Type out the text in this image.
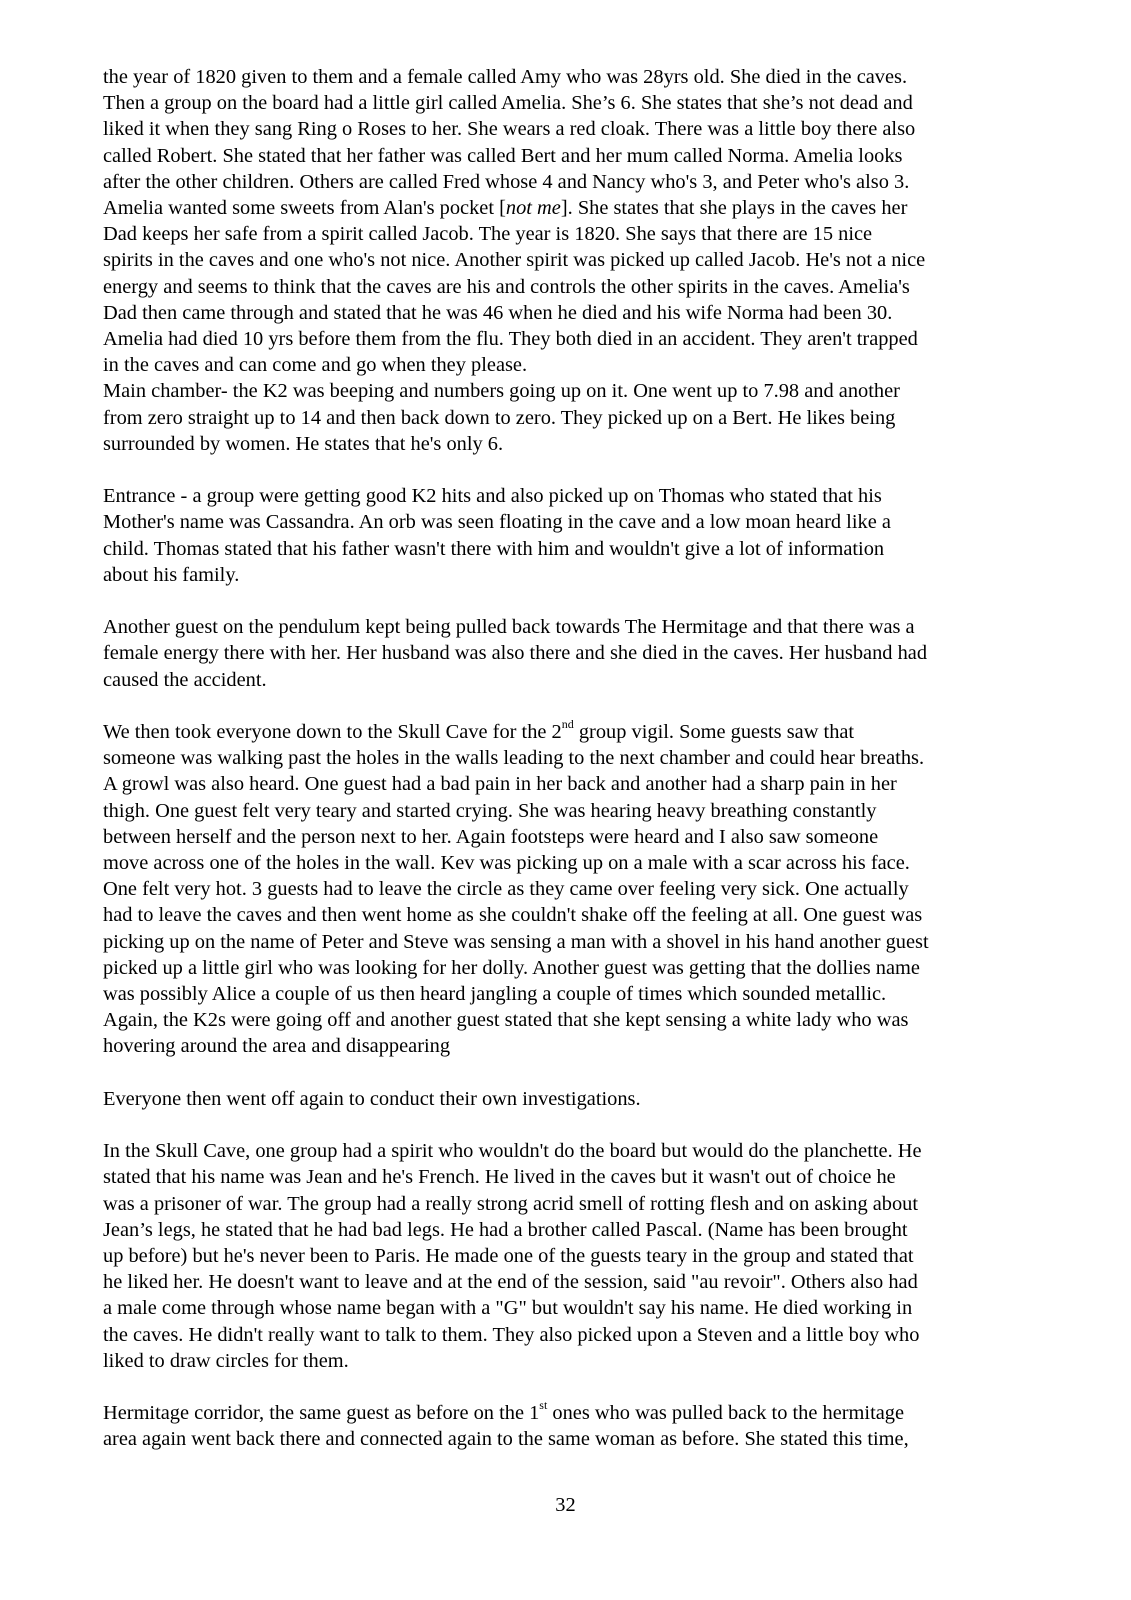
the year of 1820 given to them and a female called Amy who was 28yrs old. She died in the caves.
Then a group on the board had a little girl called Amelia. She’s 6. She states that she’s not dead and
liked it when they sang Ring o Roses to her. She wears a red cloak. There was a little boy there also
called Robert. She stated that her father was called Bert and her mum called Norma. Amelia looks
after the other children. Others are called Fred whose 4 and Nancy who's 3, and Peter who's also 3.
Amelia wanted some sweets from Alan's pocket [not me]. She states that she plays in the caves her
Dad keeps her safe from a spirit called Jacob. The year is 1820. She says that there are 15 nice
spirits in the caves and one who's not nice. Another spirit was picked up called Jacob. He's not a nice
energy and seems to think that the caves are his and controls the other spirits in the caves. Amelia's
Dad then came through and stated that he was 46 when he died and his wife Norma had been 30.
Amelia had died 10 yrs before them from the flu. They both died in an accident. They aren't trapped
in the caves and can come and go when they please.

Main chamber- the K2 was beeping and numbers going up on it. One went up to 7.98 and another
from zero straight up to 14 and then back down to zero. They picked up on a Bert. He likes being
surrounded by women. He states that he's only 6.

Entrance - a group were getting good K2 hits and also picked up on Thomas who stated that his
Mother's name was Cassandra. An orb was seen floating in the cave and a low moan heard like a
child. Thomas stated that his father wasn't there with him and wouldn't give a lot of information
about his family.

Another guest on the pendulum kept being pulled back towards The Hermitage and that there was a
female energy there with her. Her husband was also there and she died in the caves. Her husband had
caused the accident.

We then took everyone down to the Skull Cave for the 2nd group vigil. Some guests saw that
someone was walking past the holes in the walls leading to the next chamber and could hear breaths.
A growl was also heard. One guest had a bad pain in her back and another had a sharp pain in her
thigh. One guest felt very teary and started crying. She was hearing heavy breathing constantly
between herself and the person next to her. Again footsteps were heard and I also saw someone
move across one of the holes in the wall. Kev was picking up on a male with a scar across his face.
One felt very hot. 3 guests had to leave the circle as they came over feeling very sick. One actually
had to leave the caves and then went home as she couldn't shake off the feeling at all. One guest was
picking up on the name of Peter and Steve was sensing a man with a shovel in his hand another guest
picked up a little girl who was looking for her dolly. Another guest was getting that the dollies name
was possibly Alice a couple of us then heard jangling a couple of times which sounded metallic.
Again, the K2s were going off and another guest stated that she kept sensing a white lady who was
hovering around the area and disappearing

Everyone then went off again to conduct their own investigations.

In the Skull Cave, one group had a spirit who wouldn't do the board but would do the planchette. He
stated that his name was Jean and he's French. He lived in the caves but it wasn't out of choice he
was a prisoner of war. The group had a really strong acrid smell of rotting flesh and on asking about
Jean’s legs, he stated that he had bad legs. He had a brother called Pascal. (Name has been brought
up before) but he's never been to Paris. He made one of the guests teary in the group and stated that
he liked her. He doesn't want to leave and at the end of the session, said "au revoir". Others also had
a male come through whose name began with a "G" but wouldn't say his name. He died working in
the caves. He didn't really want to talk to them. They also picked upon a Steven and a little boy who
liked to draw circles for them.

Hermitage corridor, the same guest as before on the 1st ones who was pulled back to the hermitage
area again went back there and connected again to the same woman as before. She stated this time,

32
